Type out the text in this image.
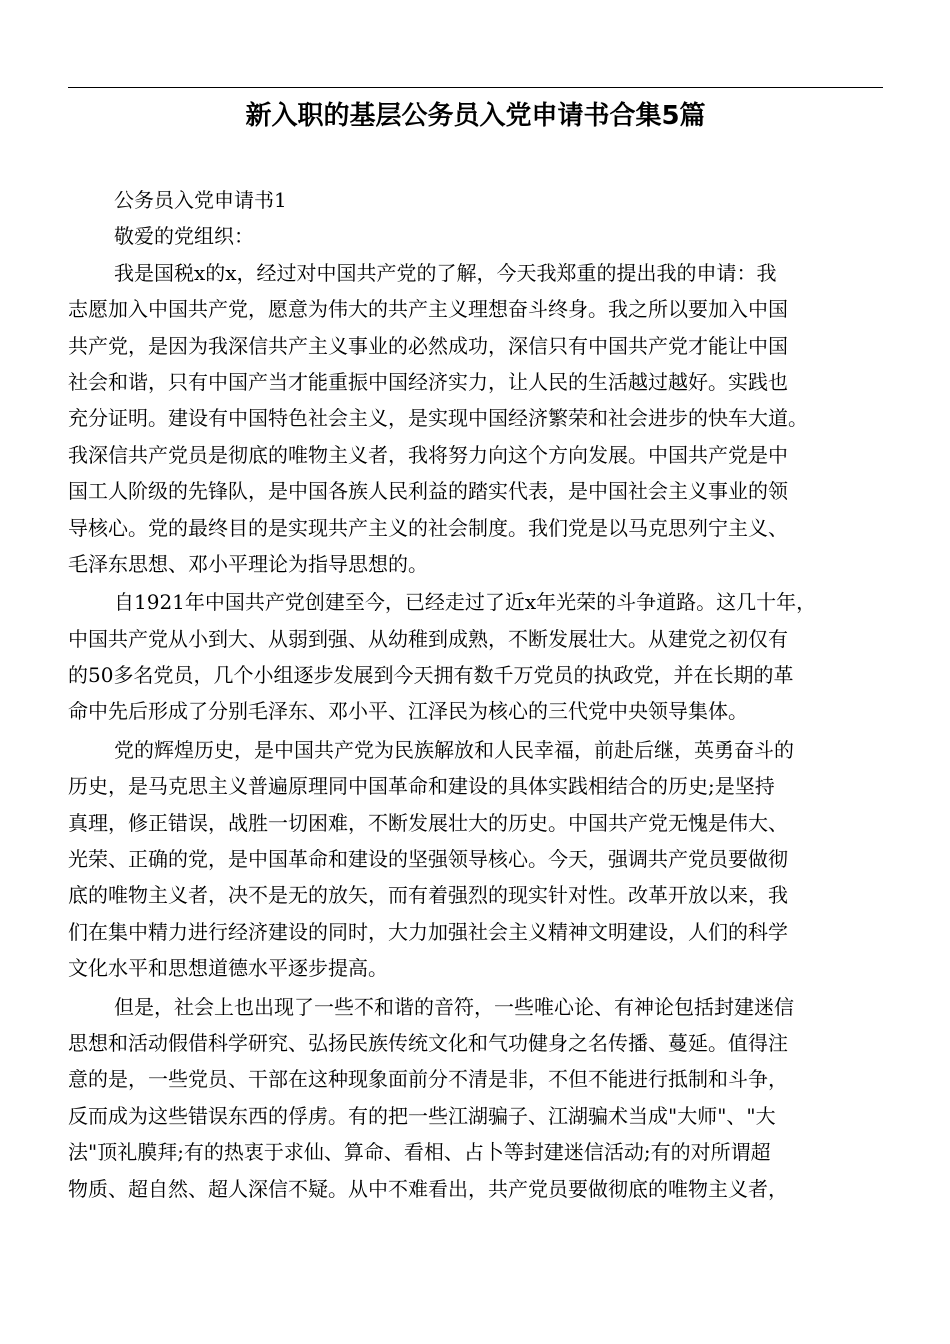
新入职的基层公务员入党申请书合集5篇
公务员入党申请书1
敬爱的党组织：
我是国税x的x，经过对中国共产党的了解，今天我郑重的提出我的申请：我
志愿加入中国共产党，愿意为伟大的共产主义理想奋斗终身。我之所以要加入中国
共产党，是因为我深信共产主义事业的必然成功，深信只有中国共产党才能让中国
社会和谐，只有中国产当才能重振中国经济实力，让人民的生活越过越好。实践也
充分证明。建设有中国特色社会主义，是实现中国经济繁荣和社会进步的快车大道。
我深信共产党员是彻底的唯物主义者，我将努力向这个方向发展。中国共产党是中
国工人阶级的先锋队，是中国各族人民利益的踏实代表，是中国社会主义事业的领
导核心。党的最终目的是实现共产主义的社会制度。我们党是以马克思列宁主义、
毛泽东思想、邓小平理论为指导思想的。
自1921年中国共产党创建至今，已经走过了近x年光荣的斗争道路。这几十年，
中国共产党从小到大、从弱到强、从幼稚到成熟，不断发展壮大。从建党之初仅有
的50多名党员，几个小组逐步发展到今天拥有数千万党员的执政党，并在长期的革
命中先后形成了分别毛泽东、邓小平、江泽民为核心的三代党中央领导集体。
党的辉煌历史，是中国共产党为民族解放和人民幸福，前赴后继，英勇奋斗的
历史，是马克思主义普遍原理同中国革命和建设的具体实践相结合的历史;是坚持
真理，修正错误，战胜一切困难，不断发展壮大的历史。中国共产党无愧是伟大、
光荣、正确的党，是中国革命和建设的坚强领导核心。今天，强调共产党员要做彻
底的唯物主义者，决不是无的放矢，而有着强烈的现实针对性。改革开放以来，我
们在集中精力进行经济建设的同时，大力加强社会主义精神文明建设，人们的科学
文化水平和思想道德水平逐步提高。
但是，社会上也出现了一些不和谐的音符，一些唯心论、有神论包括封建迷信
思想和活动假借科学研究、弘扬民族传统文化和气功健身之名传播、蔓延。值得注
意的是，一些党员、干部在这种现象面前分不清是非，不但不能进行抵制和斗争，
反而成为这些错误东西的俘虏。有的把一些江湖骗子、江湖骗术当成"大师"、"大
法"顶礼膜拜;有的热衷于求仙、算命、看相、占卜等封建迷信活动;有的对所谓超
物质、超自然、超人深信不疑。从中不难看出，共产党员要做彻底的唯物主义者，
